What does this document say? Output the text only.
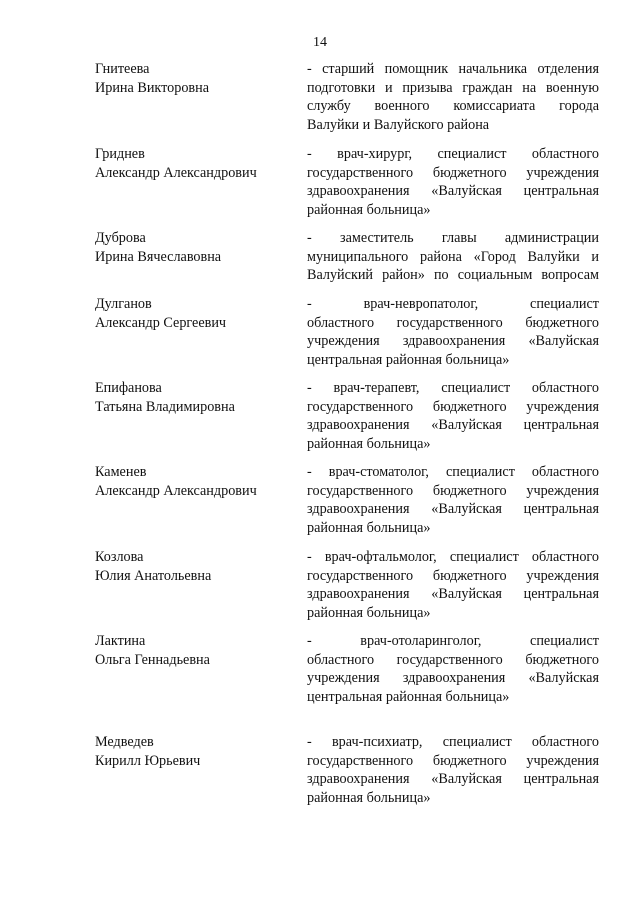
14
Гнитеева
Ирина Викторовна
- старший помощник начальника отделения
подготовки и призыва граждан на военную
службу военного комиссариата города
Валуйки и Валуйского района
Гриднев
Александр Александрович
- врач-хирург, специалист областного
государственного бюджетного учреждения
здравоохранения «Валуйская центральная
районная больница»
Дуброва
Ирина Вячеславовна
- заместитель главы администрации
муниципального района «Город Валуйки и
Валуйский район» по социальным вопросам
Дулганов
Александр Сергеевич
- врач-невропатолог, специалист
областного государственного бюджетного
учреждения здравоохранения «Валуйская
центральная районная больница»
Епифанова
Татьяна Владимировна
- врач-терапевт, специалист областного
государственного бюджетного учреждения
здравоохранения «Валуйская центральная
районная больница»
Каменев
Александр Александрович
- врач-стоматолог, специалист областного
государственного бюджетного учреждения
здравоохранения «Валуйская центральная
районная больница»
Козлова
Юлия Анатольевна
- врач-офтальмолог, специалист областного
государственного бюджетного учреждения
здравоохранения «Валуйская центральная
районная больница»
Лактина
Ольга Геннадьевна
- врач-отоларинголог, специалист
областного государственного бюджетного
учреждения здравоохранения «Валуйская
центральная районная больница»
Медведев
Кирилл Юрьевич
- врач-психиатр, специалист областного
государственного бюджетного учреждения
здравоохранения «Валуйская центральная
районная больница»
